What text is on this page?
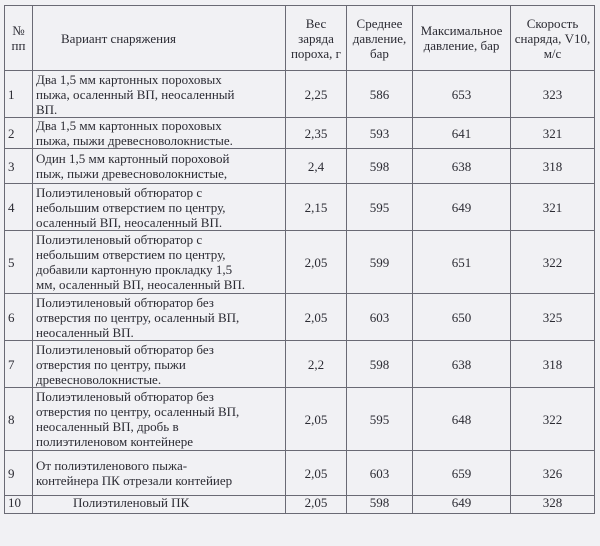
№ пп	Вариант снаряжения	Вес заряда пороха, г	Среднее давление, бар	Максимальное давление, бар	Скорость снаряда, V10, м/с
1	Два 1,5 мм картонных пороховых
пыжа, осаленный ВП, неосаленный
ВП.	2,25	586	653	323
2	Два 1,5 мм картонных пороховых
пыжа, пыжи древесноволокнистые.	2,35	593	641	321
3	Один 1,5 мм картонный пороховой
пыж, пыжи древесноволокнистые,	2,4	598	638	318
4	Полиэтиленовый обтюратор с
небольшим отверстием по центру,
осаленный ВП, неосаленный ВП.	2,15	595	649	321
5	Полиэтиленовый обтюратор с
небольшим отверстием по центру,
добавили картонную прокладку 1,5
мм, осаленный ВП, неосаленный ВП.	2,05	599	651	322
6	Полиэтиленовый обтюратор без
отверстия по центру, осаленный ВП,
неосаленный ВП.	2,05	603	650	325
7	Полиэтиленовый обтюратор без
отверстия по центру, пыжи
древесноволокнистые.	2,2	598	638	318
8	Полиэтиленовый обтюратор без
отверстия по центру, осаленный ВП,
неосаленный ВП, дробь в
полиэтиленовом контейнере	2,05	595	648	322
9	От полиэтиленового пыжа-
контейнера ПК отрезали контейиер	2,05	603	659	326
10	Полиэтиленовый ПК	2,05	598	649	328
